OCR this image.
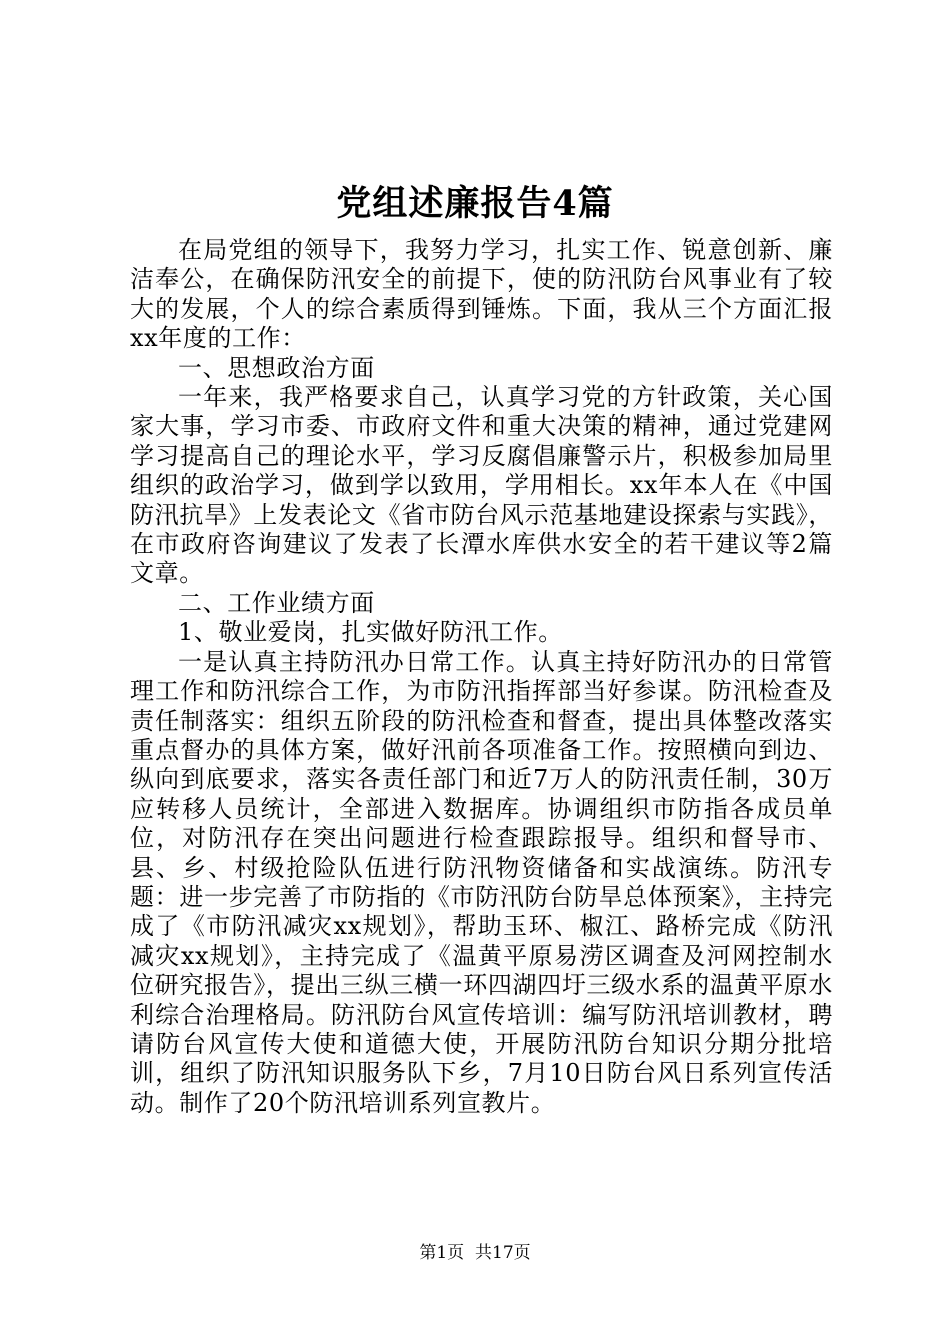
党组述廉报告4篇

在局党组的领导下，我努力学习，扎实工作、锐意创新、廉洁奉公，在确保防汛安全的前提下，使的防汛防台风事业有了较大的发展，个人的综合素质得到锤炼。下面，我从三个方面汇报xx年度的工作：

一、思想政治方面

一年来，我严格要求自己，认真学习党的方针政策，关心国家大事，学习市委、市政府文件和重大决策的精神，通过党建网学习提高自己的理论水平，学习反腐倡廉警示片，积极参加局里组织的政治学习，做到学以致用，学用相长。xx年本人在《中国防汛抗旱》上发表论文《省市防台风示范基地建设探索与实践》，在市政府咨询建议了发表了长潭水库供水安全的若干建议等2篇文章。

二、工作业绩方面

1、敬业爱岗，扎实做好防汛工作。

一是认真主持防汛办日常工作。认真主持好防汛办的日常管理工作和防汛综合工作，为市防汛指挥部当好参谋。防汛检查及责任制落实：组织五阶段的防汛检查和督查，提出具体整改落实重点督办的具体方案，做好汛前各项准备工作。按照横向到边、纵向到底要求，落实各责任部门和近7万人的防汛责任制，30万应转移人员统计，全部进入数据库。协调组织市防指各成员单位，对防汛存在突出问题进行检查跟踪报导。组织和督导市、县、乡、村级抢险队伍进行防汛物资储备和实战演练。防汛专题：进一步完善了市防指的《市防汛防台防旱总体预案》，主持完成了《市防汛减灾xx规划》，帮助玉环、椒江、路桥完成《防汛减灾xx规划》，主持完成了《温黄平原易涝区调查及河网控制水位研究报告》，提出三纵三横一环四湖四圩三级水系的温黄平原水利综合治理格局。防汛防台风宣传培训：编写防汛培训教材，聘请防台风宣传大使和道德大使，开展防汛防台知识分期分批培训，组织了防汛知识服务队下乡，7月10日防台风日系列宣传活动。制作了20个防汛培训系列宣教片。

第1页 共17页
